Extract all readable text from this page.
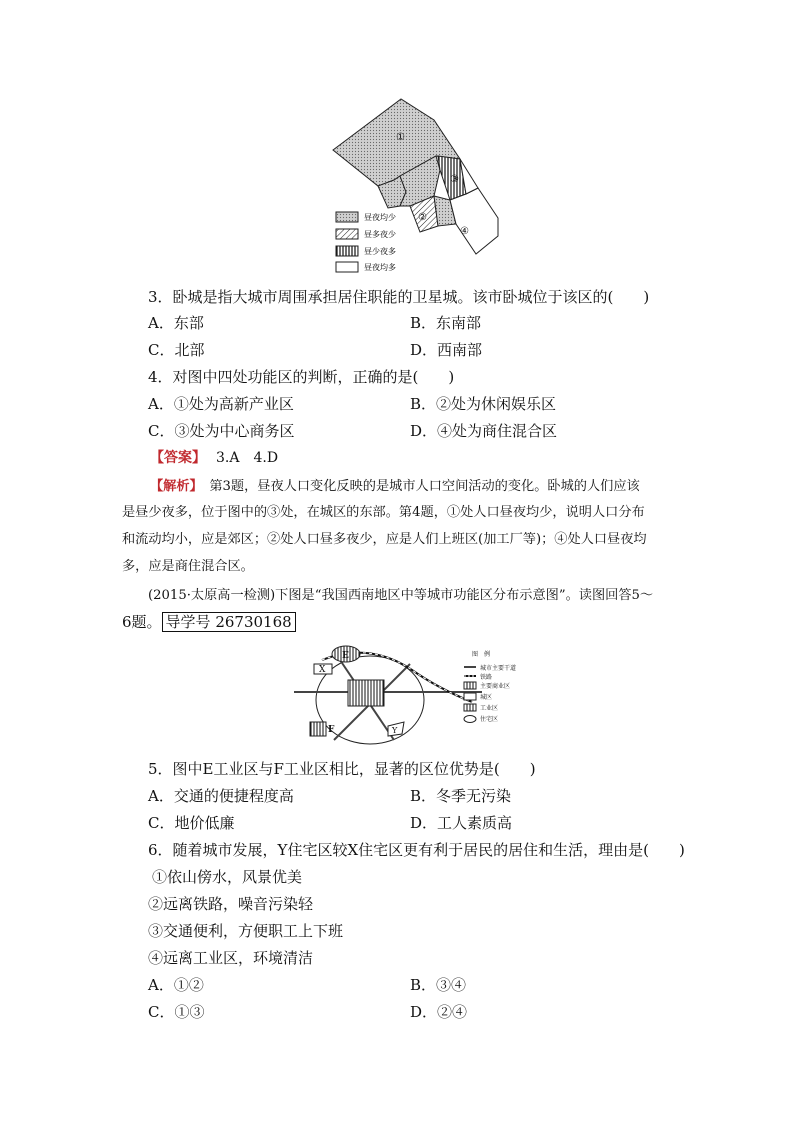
①
②
③
④
昼夜均少
昼多夜少
昼少夜多
昼夜均多
3．卧城是指大城市周围承担居住职能的卫星城。该市卧城位于该区的(　　)
A．东部	B．东南部
C．北部	D．西南部
4．对图中四处功能区的判断，正确的是(　　)
A．①处为高新产业区	B．②处为休闲娱乐区
C．③处为中心商务区	D．④处为商住混合区
【答案】 3.A　4.D
【解析】　第3题，昼夜人口变化反映的是城市人口空间活动的变化。卧城的人们应该
是昼少夜多，位于图中的③处，在城区的东部。第4题，①处人口昼夜均少，说明人口分布
和流动均小，应是郊区；②处人口昼多夜少，应是人们上班区(加工厂等)；④处人口昼夜均
多，应是商住混合区。
(2015·太原高一检测)下图是“我国西南地区中等城市功能区分布示意图”。读图回答5～
6题。 导学号 26730168
E
F
X
Y
图　例
城市主要干道
铁路
主要商业区
城区
工业区
住宅区
5．图中E工业区与F工业区相比，显著的区位优势是(　　)
A．交通的便捷程度高	B．冬季无污染
C．地价低廉	D．工人素质高
6．随着城市发展，Y住宅区较X住宅区更有利于居民的居住和生活，理由是(　　)
①依山傍水，风景优美
②远离铁路，噪音污染轻
③交通便利，方便职工上下班
④远离工业区，环境清洁
A．①②	B．③④
C．①③	D．②④
